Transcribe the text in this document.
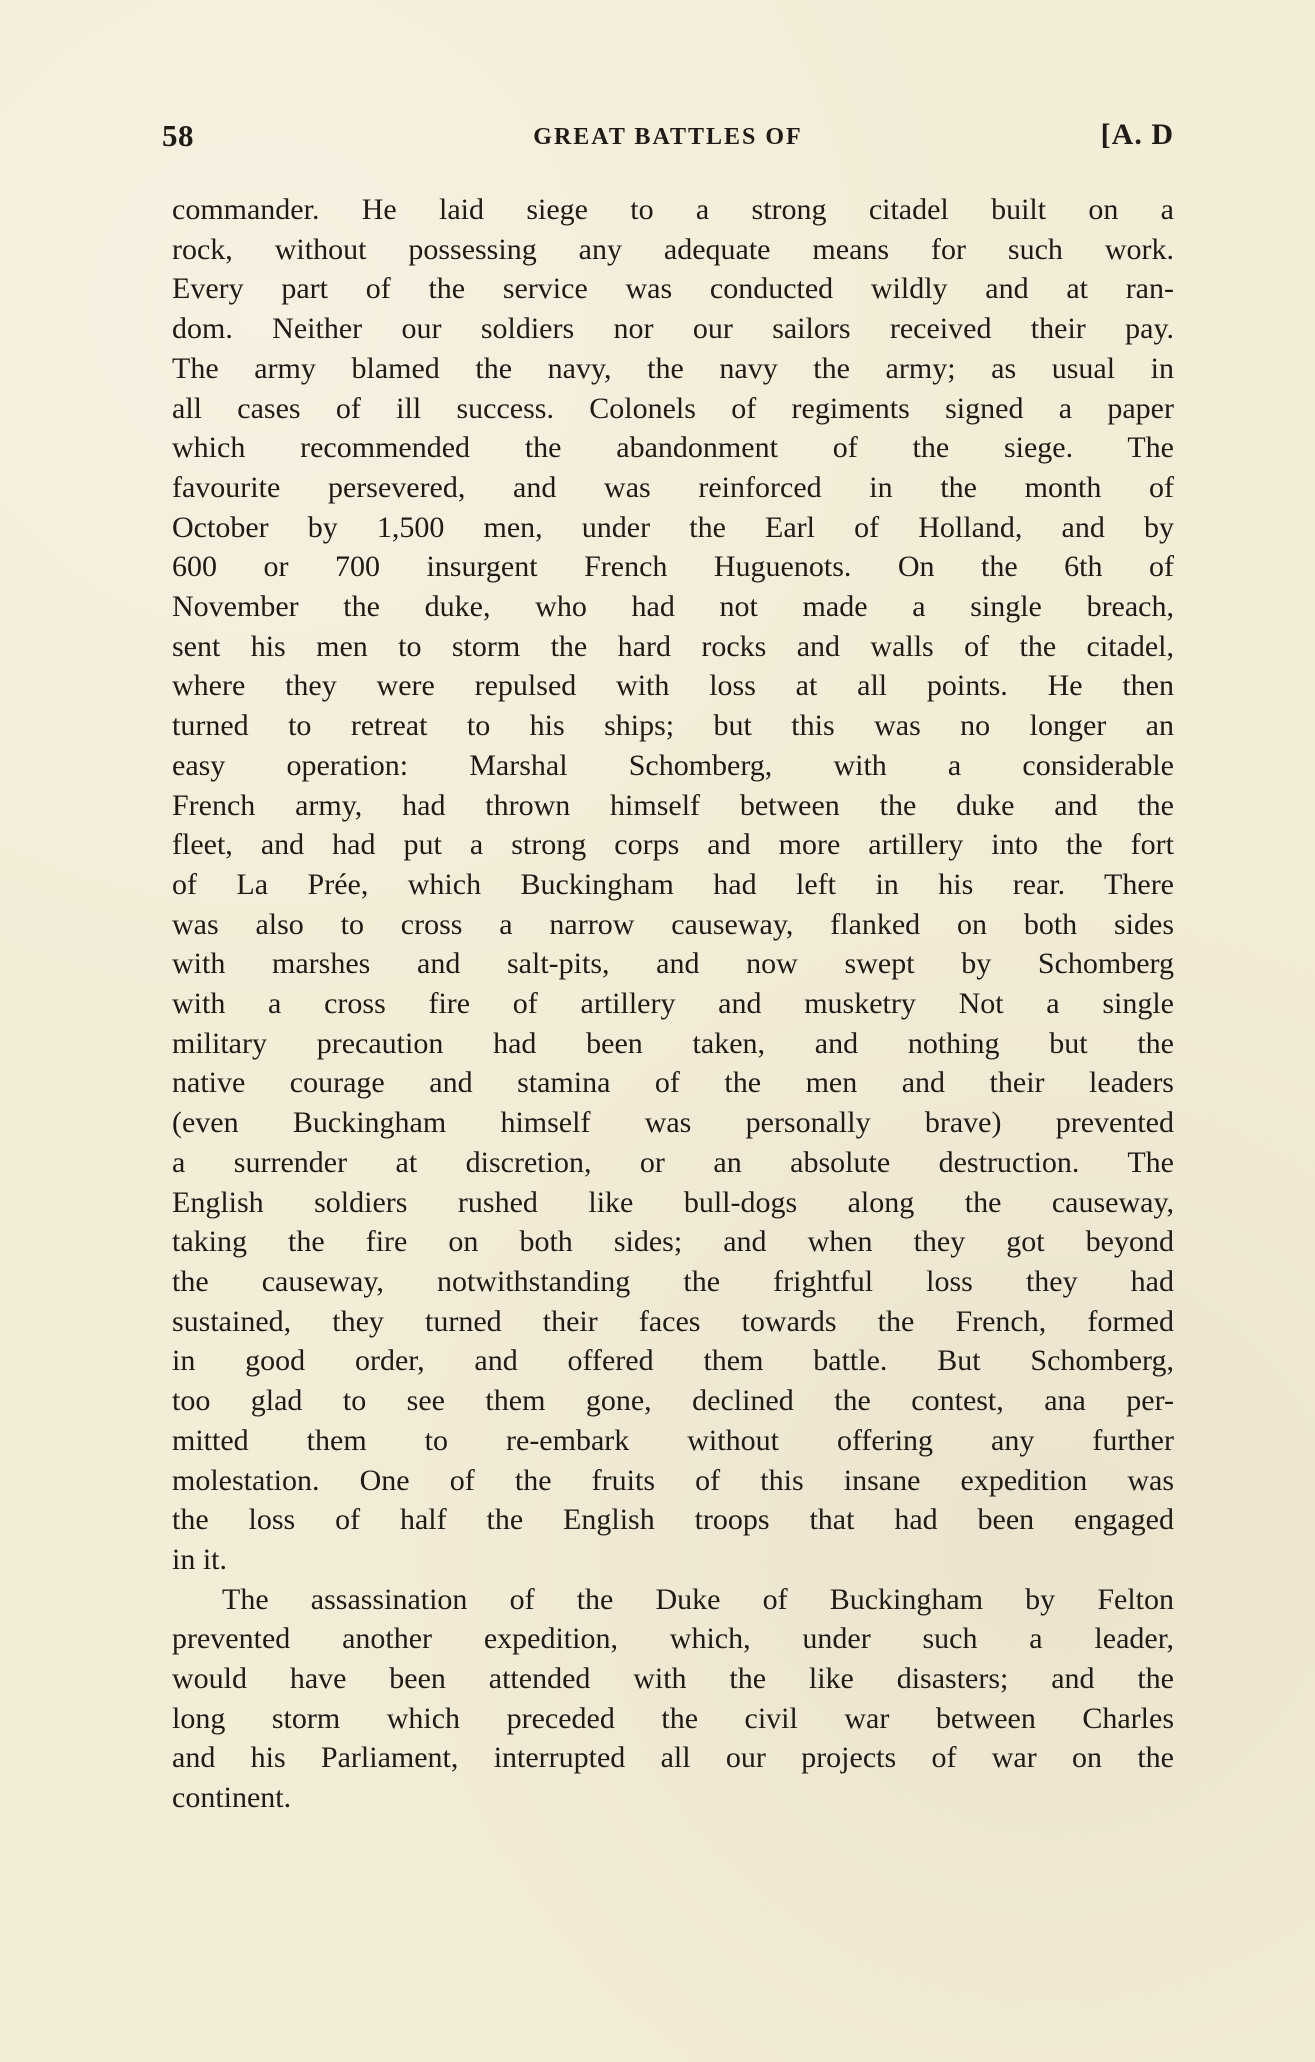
58	GREAT BATTLES OF	[A. D
commander. He laid siege to a strong citadel built on a
rock, without possessing any adequate means for such work.
Every part of the service was conducted wildly and at ran-
dom. Neither our soldiers nor our sailors received their pay.
The army blamed the navy, the navy the army; as usual in
all cases of ill success. Colonels of regiments signed a paper
which recommended the abandonment of the siege. The
favourite persevered, and was reinforced in the month of
October by 1,500 men, under the Earl of Holland, and by
600 or 700 insurgent French Huguenots. On the 6th of
November the duke, who had not made a single breach,
sent his men to storm the hard rocks and walls of the citadel,
where they were repulsed with loss at all points. He then
turned to retreat to his ships; but this was no longer an
easy operation: Marshal Schomberg, with a considerable
French army, had thrown himself between the duke and the
fleet, and had put a strong corps and more artillery into the fort
of La Prée, which Buckingham had left in his rear. There
was also to cross a narrow causeway, flanked on both sides
with marshes and salt-pits, and now swept by Schomberg
with a cross fire of artillery and musketry Not a single
military precaution had been taken, and nothing but the
native courage and stamina of the men and their leaders
(even Buckingham himself was personally brave) prevented
a surrender at discretion, or an absolute destruction. The
English soldiers rushed like bull-dogs along the causeway,
taking the fire on both sides; and when they got beyond
the causeway, notwithstanding the frightful loss they had
sustained, they turned their faces towards the French, formed
in good order, and offered them battle. But Schomberg,
too glad to see them gone, declined the contest, ana per-
mitted them to re-embark without offering any further
molestation. One of the fruits of this insane expedition was
the loss of half the English troops that had been engaged
in it.
The assassination of the Duke of Buckingham by Felton
prevented another expedition, which, under such a leader,
would have been attended with the like disasters; and the
long storm which preceded the civil war between Charles
and his Parliament, interrupted all our projects of war on the
continent.
